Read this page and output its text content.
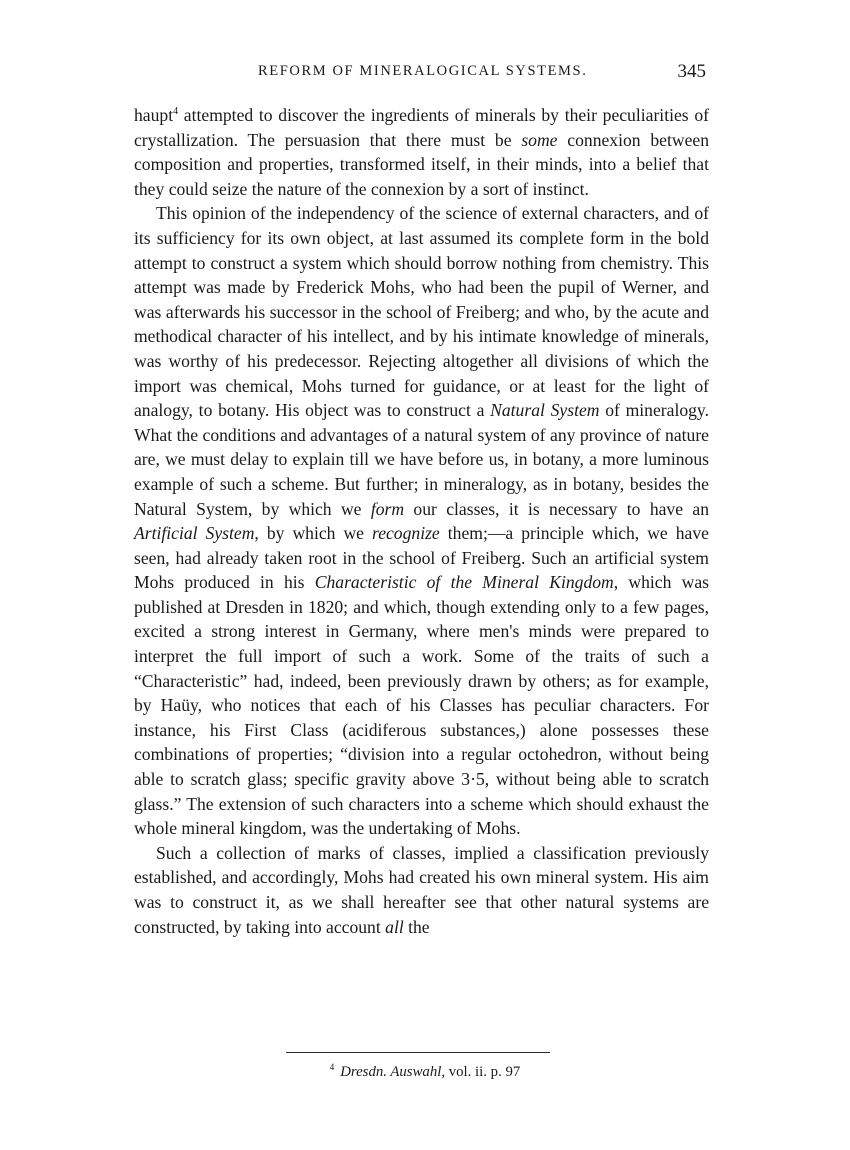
REFORM OF MINERALOGICAL SYSTEMS.	345

haupt$^4$ attempted to discover the ingredients of minerals by their peculiarities of crystallization. The persuasion that there must be some connexion between composition and properties, transformed itself, in their minds, into a belief that they could seize the nature of the connexion by a sort of instinct.

This opinion of the independency of the science of external characters, and of its sufficiency for its own object, at last assumed its complete form in the bold attempt to construct a system which should borrow nothing from chemistry. This attempt was made by Frederick Mohs, who had been the pupil of Werner, and was afterwards his successor in the school of Freiberg; and who, by the acute and methodical character of his intellect, and by his intimate knowledge of minerals, was worthy of his predecessor. Rejecting altogether all divisions of which the import was chemical, Mohs turned for guidance, or at least for the light of analogy, to botany. His object was to construct a Natural System of mineralogy. What the conditions and advantages of a natural system of any province of nature are, we must delay to explain till we have before us, in botany, a more luminous example of such a scheme. But further; in mineralogy, as in botany, besides the Natural System, by which we form our classes, it is necessary to have an Artificial System, by which we recognize them;—a principle which, we have seen, had already taken root in the school of Freiberg. Such an artificial system Mohs produced in his Characteristic of the Mineral Kingdom, which was published at Dresden in 1820; and which, though extending only to a few pages, excited a strong interest in Germany, where men's minds were prepared to interpret the full import of such a work. Some of the traits of such a “Characteristic” had, indeed, been previously drawn by others; as for example, by Haüy, who notices that each of his Classes has peculiar characters. For instance, his First Class (acidiferous substances,) alone possesses these combinations of properties; “division into a regular octohedron, without being able to scratch glass; specific gravity above 3·5, without being able to scratch glass.” The extension of such characters into a scheme which should exhaust the whole mineral kingdom, was the undertaking of Mohs.

Such a collection of marks of classes, implied a classification previously established, and accordingly, Mohs had created his own mineral system. His aim was to construct it, as we shall hereafter see that other natural systems are constructed, by taking into account all the

$^4$ Dresdn. Auswahl, vol. ii. p. 97
